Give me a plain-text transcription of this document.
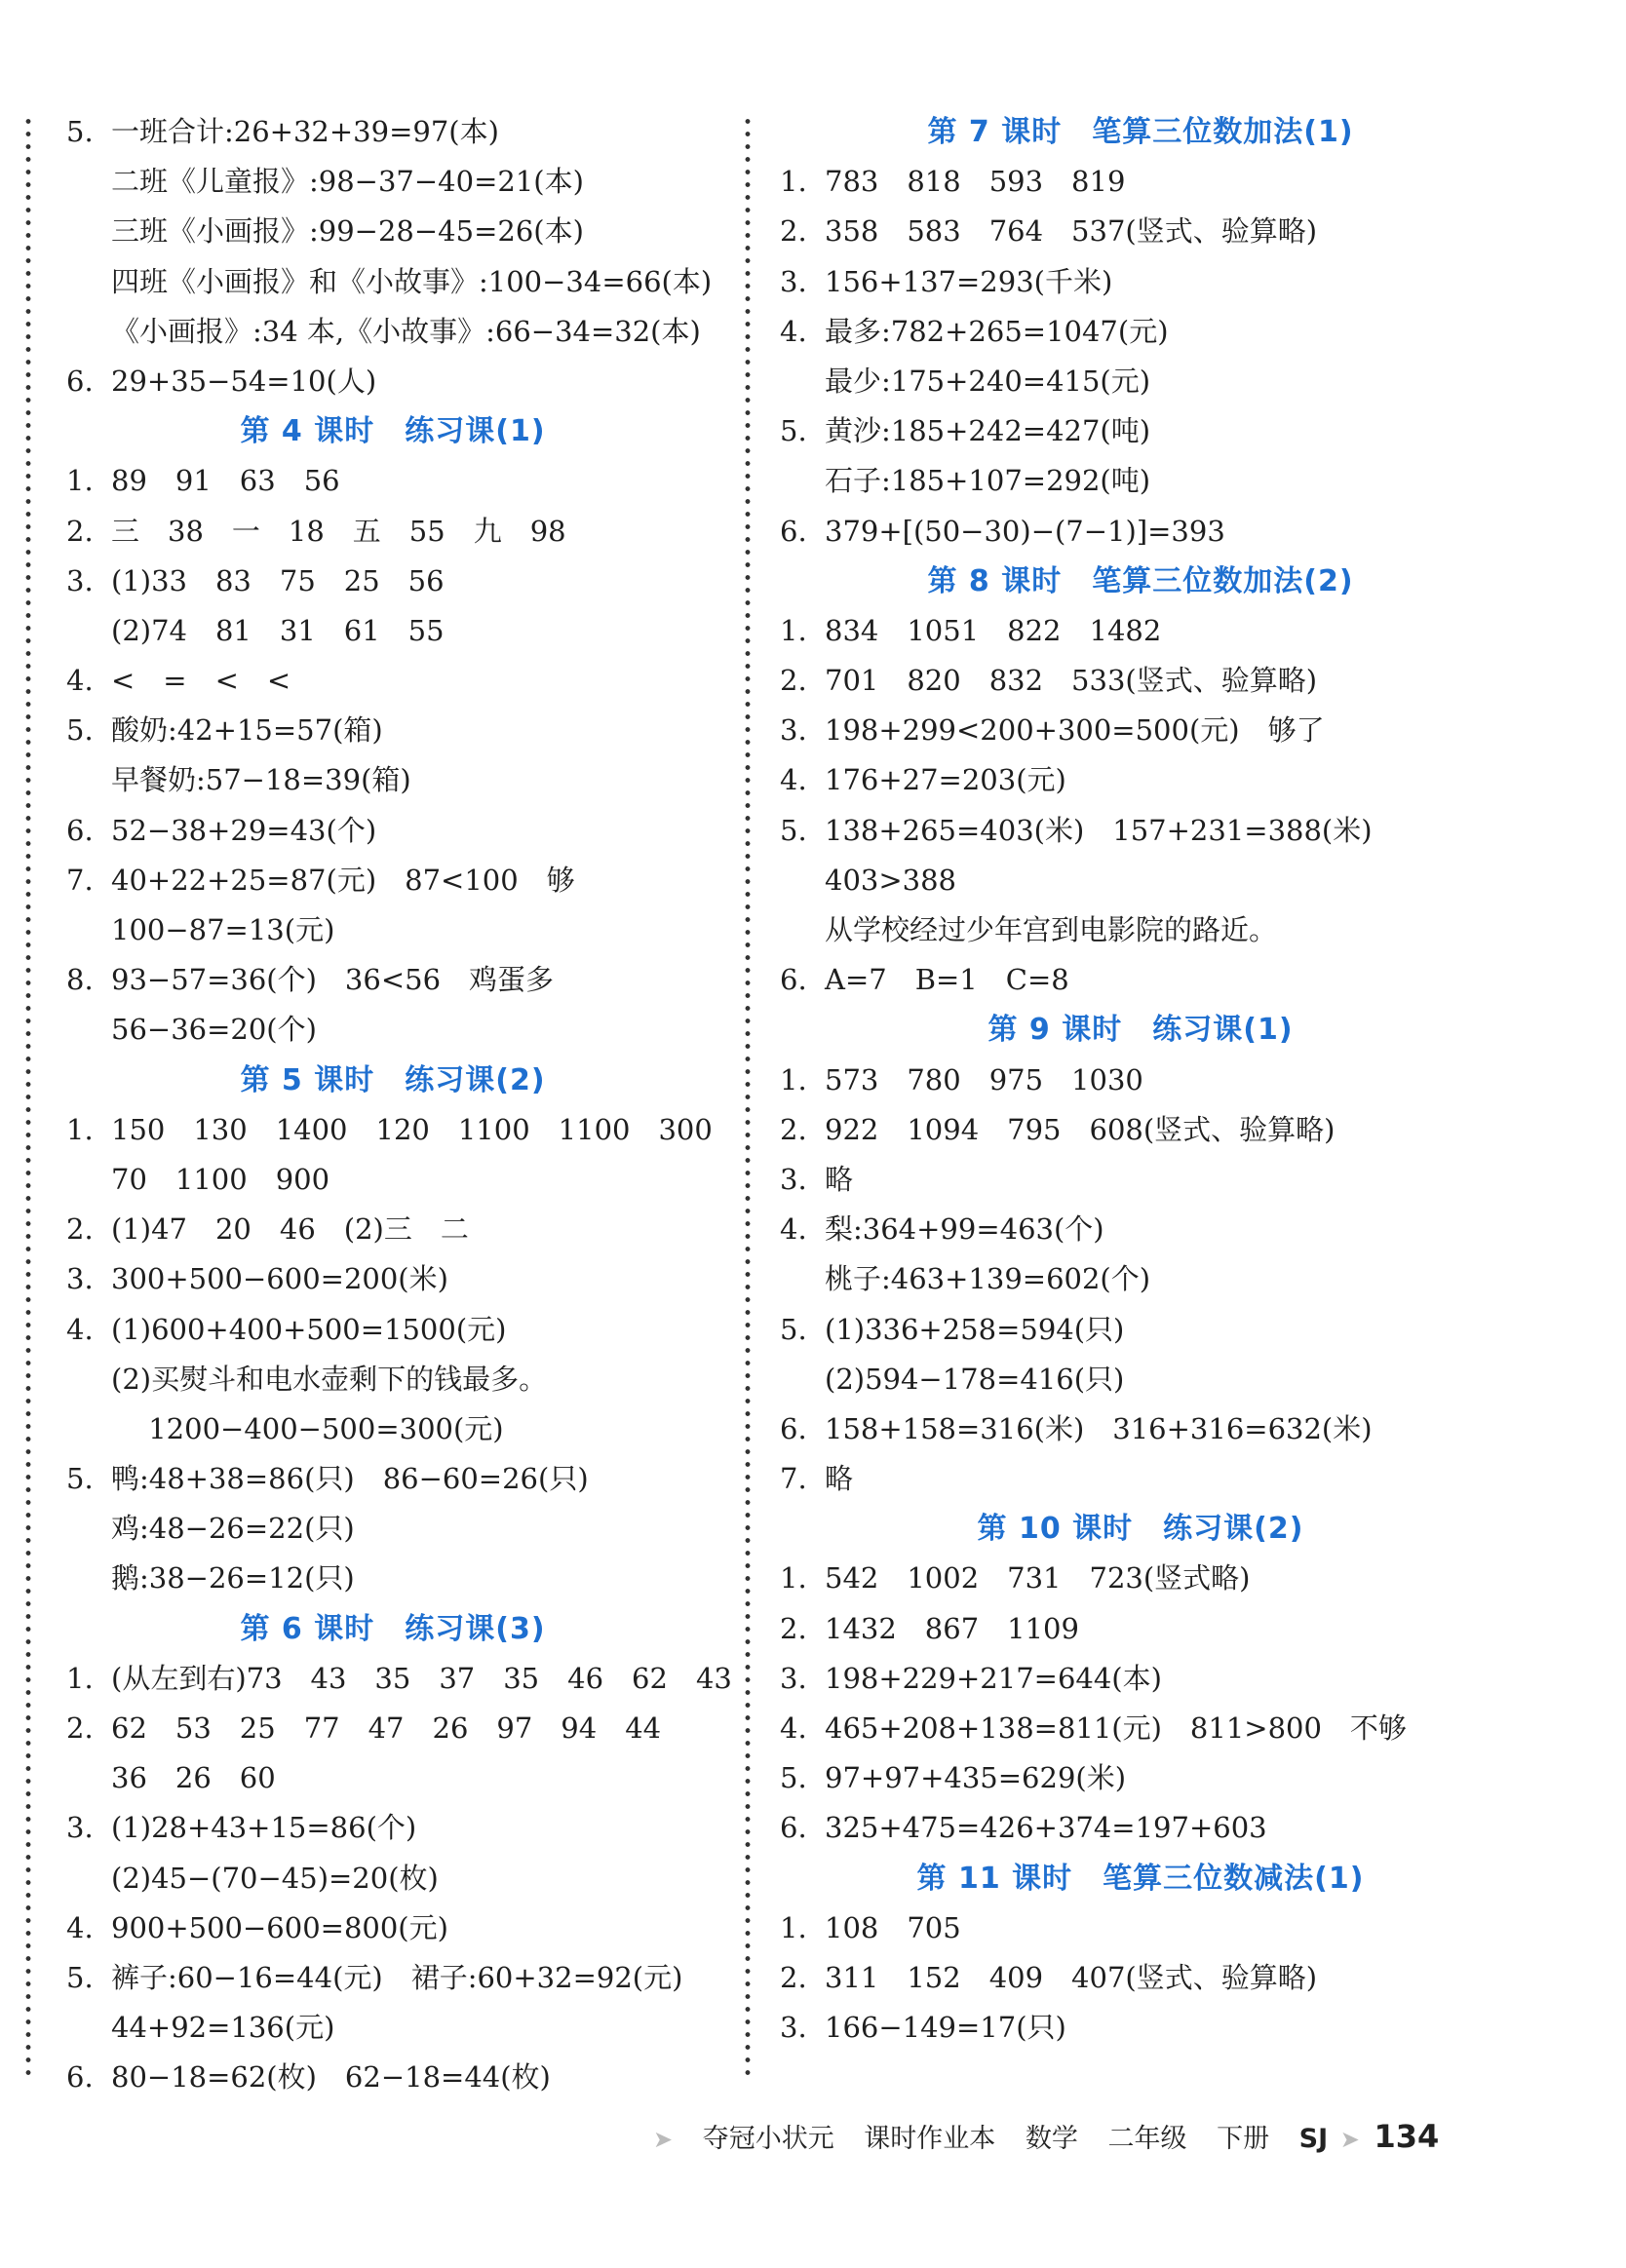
5. 一班合计:26+32+39=97(本)
二班《儿童报》:98−37−40=21(本)
三班《小画报》:99−28−45=26(本)
四班《小画报》和《小故事》:100−34=66(本)
《小画报》:34 本,《小故事》:66−34=32(本)
6. 29+35−54=10(人)
第 4 课时　练习课(1)
1. 89　91　63　56
2. 三　38　一　18　五　55　九　98
3. (1)33　83　75　25　56
(2)74　81　31　61　55
4. <　=　<　<
5. 酸奶:42+15=57(箱)
早餐奶:57−18=39(箱)
6. 52−38+29=43(个)
7. 40+22+25=87(元)　87<100　够
100−87=13(元)
8. 93−57=36(个)　36<56　鸡蛋多
56−36=20(个)
第 5 课时　练习课(2)
1. 150　130　1400　120　1100　1100　300
70　1100　900
2. (1)47　20　46　(2)三　二
3. 300+500−600=200(米)
4. (1)600+400+500=1500(元)
(2)买熨斗和电水壶剩下的钱最多。
　 1200−400−500=300(元)
5. 鸭:48+38=86(只)　86−60=26(只)
鸡:48−26=22(只)
鹅:38−26=12(只)
第 6 课时　练习课(3)
1. (从左到右)73　43　35　37　35　46　62　43
2. 62　53　25　77　47　26　97　94　44
36　26　60
3. (1)28+43+15=86(个)
(2)45−(70−45)=20(枚)
4. 900+500−600=800(元)
5. 裤子:60−16=44(元)　裙子:60+32=92(元)
44+92=136(元)
6. 80−18=62(枚)　62−18=44(枚)
第 7 课时　笔算三位数加法(1)
1. 783　818　593　819
2. 358　583　764　537(竖式、验算略)
3. 156+137=293(千米)
4. 最多:782+265=1047(元)
最少:175+240=415(元)
5. 黄沙:185+242=427(吨)
石子:185+107=292(吨)
6. 379+[(50−30)−(7−1)]=393
第 8 课时　笔算三位数加法(2)
1. 834　1051　822　1482
2. 701　820　832　533(竖式、验算略)
3. 198+299<200+300=500(元)　够了
4. 176+27=203(元)
5. 138+265=403(米)　157+231=388(米)
403>388
从学校经过少年宫到电影院的路近。
6. A=7　B=1　C=8
第 9 课时　练习课(1)
1. 573　780　975　1030
2. 922　1094　795　608(竖式、验算略)
3. 略
4. 梨:364+99=463(个)
桃子:463+139=602(个)
5. (1)336+258=594(只)
(2)594−178=416(只)
6. 158+158=316(米)　316+316=632(米)
7. 略
第 10 课时　练习课(2)
1. 542　1002　731　723(竖式略)
2. 1432　867　1109
3. 198+229+217=644(本)
4. 465+208+138=811(元)　811>800　不够
5. 97+97+435=629(米)
6. 325+475=426+374=197+603
第 11 课时　笔算三位数减法(1)
1. 108　705
2. 311　152　409　407(竖式、验算略)
3. 166−149=17(只)
➤ 夺冠小状元 课时作业本 数学 二年级 下册 SJ ➤ 134
